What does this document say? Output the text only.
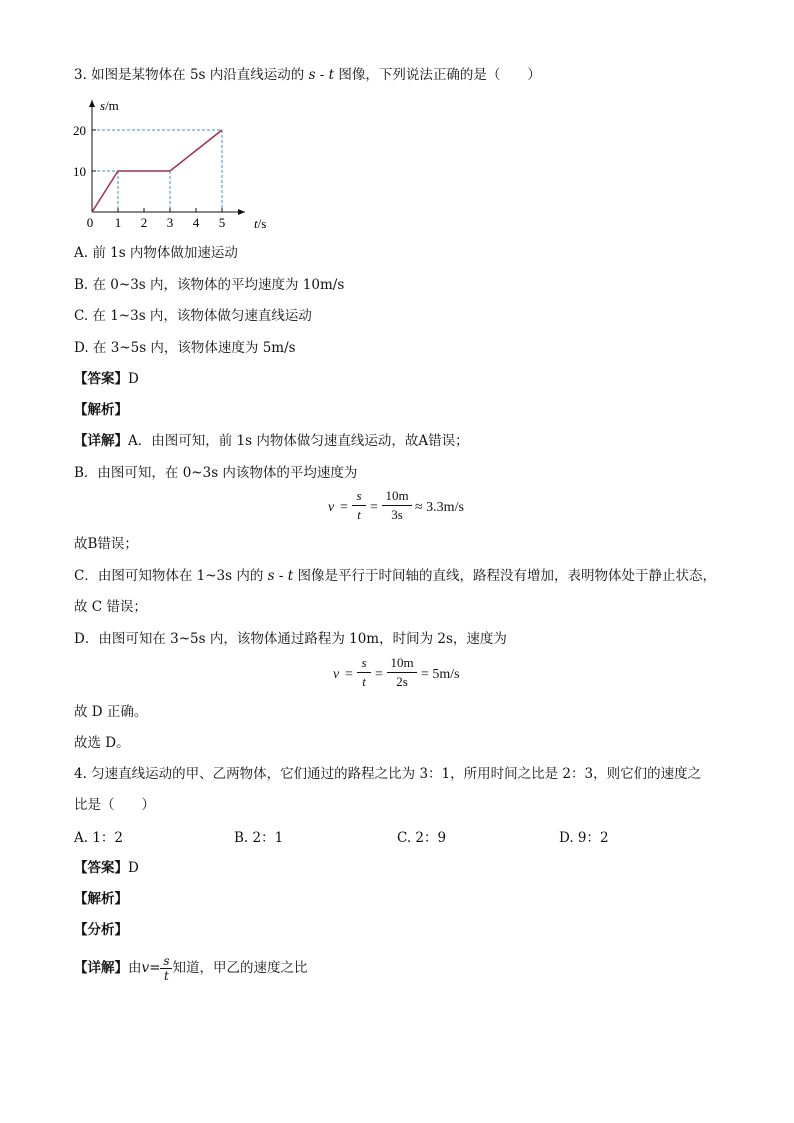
3. 如图是某物体在 5s 内沿直线运动的 s - t 图像，下列说法正确的是（　　）
0 1 2 3 4 5
10
20
s/m
t/s
A. 前 1s 内物体做加速运动
B. 在 0~3s 内，该物体的平均速度为 10m/s
C. 在 1~3s 内，该物体做匀速直线运动
D. 在 3~5s 内，该物体速度为 5m/s
【答案】D
【解析】
【详解】A．由图可知，前 1s 内物体做匀速直线运动，故A错误；
B．由图可知，在 0~3s 内该物体的平均速度为
v =
s
t =
10m
3s ≈ 3.3m/s
故B错误；
C．由图可知物体在 1~3s 内的 s - t 图像是平行于时间轴的直线，路程没有增加，表明物体处于静止状态，
故 C 错误；
D．由图可知在 3~5s 内，该物体通过路程为 10m，时间为 2s，速度为
v =
s
t =
10m
2s = 5m/s
故 D 正确。
故选 D。
4. 匀速直线运动的甲、乙两物体，它们通过的路程之比为 3：1，所用时间之比是 2：3，则它们的速度之
比是（　　）
A. 1：2	B. 2：1	C. 2：9	D. 9：2
【答案】D
【解析】
【分析】
【详解】由$v= \frac{s}{t}$ 知道，甲乙的速度之比
